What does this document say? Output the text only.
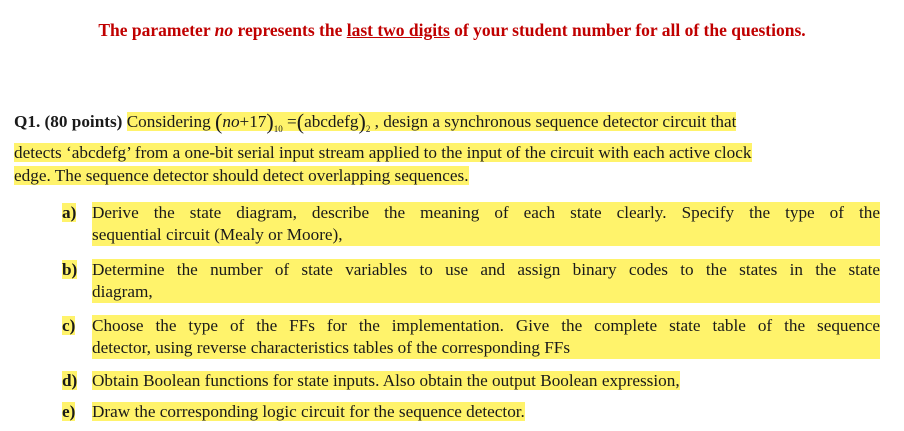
The parameter no represents the last two digits of your student number for all of the questions.
Q1. (80 points) Considering $(no+17)_{10}$ $=(abcdefg)_2$ , design a synchronous sequence detector circuit that
detects ‘abcdefg’ from a one-bit serial input stream applied to the input of the circuit with each active clock
edge. The sequence detector should detect overlapping sequences.
a) Derive the state diagram, describe the meaning of each state clearly. Specify the type of the
sequential circuit (Mealy or Moore),
b) Determine the number of state variables to use and assign binary codes to the states in the state
diagram,
c) Choose the type of the FFs for the implementation. Give the complete state table of the sequence
detector, using reverse characteristics tables of the corresponding FFs
d) Obtain Boolean functions for state inputs. Also obtain the output Boolean expression,
e) Draw the corresponding logic circuit for the sequence detector.
